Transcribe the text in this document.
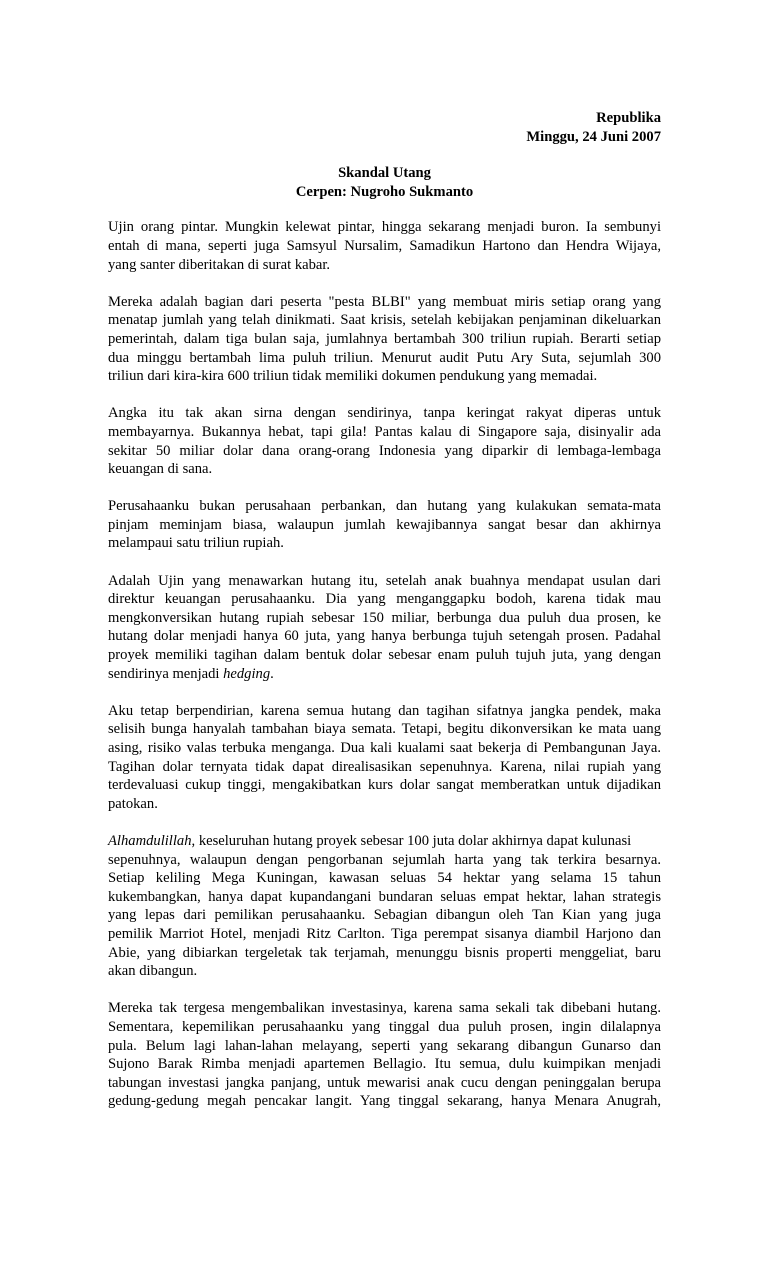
Republika
Minggu, 24 Juni 2007
Skandal Utang
Cerpen: Nugroho Sukmanto
Ujin orang pintar. Mungkin kelewat pintar, hingga sekarang menjadi buron. Ia sembunyi
entah di mana, seperti juga Samsyul Nursalim, Samadikun Hartono dan Hendra Wijaya,
yang santer diberitakan di surat kabar.
Mereka adalah bagian dari peserta "pesta BLBI" yang membuat miris setiap orang yang
menatap jumlah yang telah dinikmati. Saat krisis, setelah kebijakan penjaminan dikeluarkan
pemerintah, dalam tiga bulan saja, jumlahnya bertambah 300 triliun rupiah. Berarti setiap
dua minggu bertambah lima puluh triliun. Menurut audit Putu Ary Suta, sejumlah 300
triliun dari kira-kira 600 triliun tidak memiliki dokumen pendukung yang memadai.
Angka itu tak akan sirna dengan sendirinya, tanpa keringat rakyat diperas untuk
membayarnya. Bukannya hebat, tapi gila! Pantas kalau di Singapore saja, disinyalir ada
sekitar 50 miliar dolar dana orang-orang Indonesia yang diparkir di lembaga-lembaga
keuangan di sana.
Perusahaanku bukan perusahaan perbankan, dan hutang yang kulakukan semata-mata
pinjam meminjam biasa, walaupun jumlah kewajibannya sangat besar dan akhirnya
melampaui satu triliun rupiah.
Adalah Ujin yang menawarkan hutang itu, setelah anak buahnya mendapat usulan dari
direktur keuangan perusahaanku. Dia yang menganggapku bodoh, karena tidak mau
mengkonversikan hutang rupiah sebesar 150 miliar, berbunga dua puluh dua prosen, ke
hutang dolar menjadi hanya 60 juta, yang hanya berbunga tujuh setengah prosen. Padahal
proyek memiliki tagihan dalam bentuk dolar sebesar enam puluh tujuh juta, yang dengan
sendirinya menjadi hedging.
Aku tetap berpendirian, karena semua hutang dan tagihan sifatnya jangka pendek, maka
selisih bunga hanyalah tambahan biaya semata. Tetapi, begitu dikonversikan ke mata uang
asing, risiko valas terbuka menganga. Dua kali kualami saat bekerja di Pembangunan Jaya.
Tagihan dolar ternyata tidak dapat direalisasikan sepenuhnya. Karena, nilai rupiah yang
terdevaluasi cukup tinggi, mengakibatkan kurs dolar sangat memberatkan untuk dijadikan
patokan.
Alhamdulillah, keseluruhan hutang proyek sebesar 100 juta dolar akhirnya dapat kulunasi
sepenuhnya, walaupun dengan pengorbanan sejumlah harta yang tak terkira besarnya.
Setiap keliling Mega Kuningan, kawasan seluas 54 hektar yang selama 15 tahun
kukembangkan, hanya dapat kupandangani bundaran seluas empat hektar, lahan strategis
yang lepas dari pemilikan perusahaanku. Sebagian dibangun oleh Tan Kian yang juga
pemilik Marriot Hotel, menjadi Ritz Carlton. Tiga perempat sisanya diambil Harjono dan
Abie, yang dibiarkan tergeletak tak terjamah, menunggu bisnis properti menggeliat, baru
akan dibangun.
Mereka tak tergesa mengembalikan investasinya, karena sama sekali tak dibebani hutang.
Sementara, kepemilikan perusahaanku yang tinggal dua puluh prosen, ingin dilalapnya
pula. Belum lagi lahan-lahan melayang, seperti yang sekarang dibangun Gunarso dan
Sujono Barak Rimba menjadi apartemen Bellagio. Itu semua, dulu kuimpikan menjadi
tabungan investasi jangka panjang, untuk mewarisi anak cucu dengan peninggalan berupa
gedung-gedung megah pencakar langit. Yang tinggal sekarang, hanya Menara Anugrah,
